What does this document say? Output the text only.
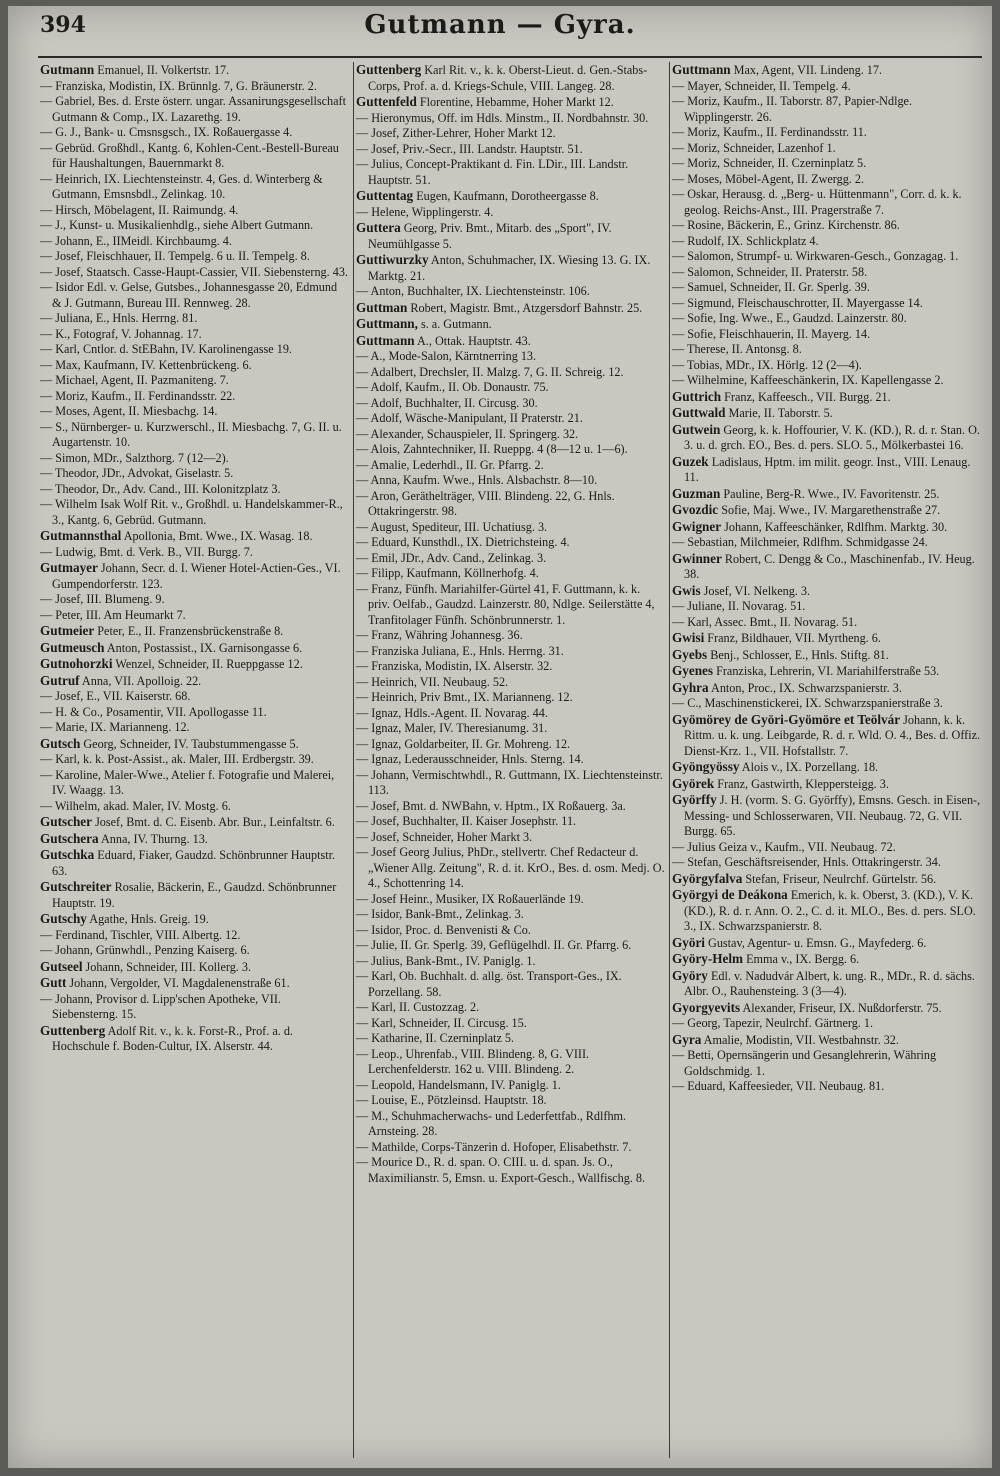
394	Gutmann — Gyra.

Gutmann Emanuel, II. Volkertstr. 17.

— Franziska, Modistin, IX. Brünnlg. 7, G. Bräunerstr. 2.

— Gabriel, Bes. d. Erste österr. ungar. Assanirungsgesellschaft Gutmann & Comp., IX. Lazarethg. 19.

— G. J., Bank- u. Cmsnsgsch., IX. Roßauergasse 4.

— Gebrüd. Großhdl., Kantg. 6, Kohlen-Cent.-Bestell-Bureau für Haushaltungen, Bauernmarkt 8.

— Heinrich, IX. Liechtensteinstr. 4, Ges. d. Winterberg & Gutmann, Emsnsbdl., Zelinkag. 10.

— Hirsch, Möbelagent, II. Raimundg. 4.

— J., Kunst- u. Musikalienhdlg., siehe Albert Gutmann.

— Johann, E., IIMeidl. Kirchbaumg. 4.

— Josef, Fleischhauer, II. Tempelg. 6 u. II. Tempelg. 8.

— Josef, Staatsch. Casse-Haupt-Cassier, VII. Siebensterng. 43.

— Isidor Edl. v. Gelse, Gutsbes., Johannesgasse 20, Edmund & J. Gutmann, Bureau III. Rennweg. 28.

— Juliana, E., Hnls. Herrng. 81.

— K., Fotograf, V. Johannag. 17.

— Karl, Cntlor. d. StEBahn, IV. Karolinengasse 19.

— Max, Kaufmann, IV. Kettenbrückeng. 6.

— Michael, Agent, II. Pazmaniteng. 7.

— Moriz, Kaufm., II. Ferdinandsstr. 22.

— Moses, Agent, II. Miesbachg. 14.

— S., Nürnberger- u. Kurzwerschl., II. Miesbachg. 7, G. II. u. Augartenstr. 10.

— Simon, MDr., Salzthorg. 7 (12—2).

— Theodor, JDr., Advokat, Giselastr. 5.

— Theodor, Dr., Adv. Cand., III. Kolonitzplatz 3.

— Wilhelm Isak Wolf Rit. v., Großhdl. u. Handelskammer-R., 3., Kantg. 6, Gebrüd. Gutmann.

Gutmannsthal Apollonia, Bmt. Wwe., IX. Wasag. 18.

— Ludwig, Bmt. d. Verk. B., VII. Burgg. 7.

Gutmayer Johann, Secr. d. I. Wiener Hotel-Actien-Ges., VI. Gumpendorferstr. 123.

— Josef, III. Blumeng. 9.

— Peter, III. Am Heumarkt 7.

Gutmeier Peter, E., II. Franzensbrückenstraße 8.

Gutmeusch Anton, Postassist., IX. Garnisongasse 6.

Gutnohorzki Wenzel, Schneider, II. Rueppgasse 12.

Gutruf Anna, VII. Apolloig. 22.

— Josef, E., VII. Kaiserstr. 68.

— H. & Co., Posamentir, VII. Apollogasse 11.

— Marie, IX. Marianneng. 12.

Gutsch Georg, Schneider, IV. Taubstummengasse 5.

— Karl, k. k. Post-Assist., ak. Maler, III. Erdbergstr. 39.

— Karoline, Maler-Wwe., Atelier f. Fotografie und Malerei, IV. Waagg. 13.

— Wilhelm, akad. Maler, IV. Mostg. 6.

Gutscher Josef, Bmt. d. C. Eisenb. Abr. Bur., Leinfaltstr. 6.

Gutschera Anna, IV. Thurng. 13.

Gutschka Eduard, Fiaker, Gaudzd. Schönbrunner Hauptstr. 63.

Gutschreiter Rosalie, Bäckerin, E., Gaudzd. Schönbrunner Hauptstr. 19.

Gutschy Agathe, Hnls. Greig. 19.

— Ferdinand, Tischler, VIII. Albertg. 12.

— Johann, Grünwhdl., Penzing Kaiserg. 6.

Gutseel Johann, Schneider, III. Kollerg. 3.

Gutt Johann, Vergolder, VI. Magdalenenstraße 61.

— Johann, Provisor d. Lipp'schen Apotheke, VII. Siebensterng. 15.

Guttenberg Adolf Rit. v., k. k. Forst-R., Prof. a. d. Hochschule f. Boden-Cultur, IX. Alserstr. 44.

Guttenberg Karl Rit. v., k. k. Oberst-Lieut. d. Gen.-Stabs-Corps, Prof. a. d. Kriegs-Schule, VIII. Langeg. 28.

Guttenfeld Florentine, Hebamme, Hoher Markt 12.

— Hieronymus, Off. im Hdls. Minstm., II. Nordbahnstr. 30.

— Josef, Zither-Lehrer, Hoher Markt 12.

— Josef, Priv.-Secr., III. Landstr. Hauptstr. 51.

— Julius, Concept-Praktikant d. Fin. LDir., III. Landstr. Hauptstr. 51.

Guttentag Eugen, Kaufmann, Dorotheergasse 8.

— Helene, Wipplingerstr. 4.

Guttera Georg, Priv. Bmt., Mitarb. des „Sport", IV. Neumühlgasse 5.

Guttiwurzky Anton, Schuhmacher, IX. Wiesing 13. G. IX. Marktg. 21.

— Anton, Buchhalter, IX. Liechtensteinstr. 106.

Guttman Robert, Magistr. Bmt., Atzgersdorf Bahnstr. 25.

Guttmann, s. a. Gutmann.

Guttmann A., Ottak. Hauptstr. 43.

— A., Mode-Salon, Kärntnerring 13.

— Adalbert, Drechsler, II. Malzg. 7, G. II. Schreig. 12.

— Adolf, Kaufm., II. Ob. Donaustr. 75.

— Adolf, Buchhalter, II. Circusg. 30.

— Adolf, Wäsche-Manipulant, II Praterstr. 21.

— Alexander, Schauspieler, II. Springerg. 32.

— Alois, Zahntechniker, II. Rueppg. 4 (8—12 u. 1—6).

— Amalie, Lederhdl., II. Gr. Pfarrg. 2.

— Anna, Kaufm. Wwe., Hnls. Alsbachstr. 8—10.

— Aron, Geräthelträger, VIII. Blindeng. 22, G. Hnls. Ottakringerstr. 98.

— August, Spediteur, III. Uchatiusg. 3.

— Eduard, Kunsthdl., IX. Dietrichsteing. 4.

— Emil, JDr., Adv. Cand., Zelinkag. 3.

— Filipp, Kaufmann, Köllnerhofg. 4.

— Franz, Fünfh. Mariahilfer-Gürtel 41, F. Guttmann, k. k. priv. Oelfab., Gaudzd. Lainzerstr. 80, Ndlge. Seilerstätte 4, Tranfitolager Fünfh. Schönbrunnerstr. 1.

— Franz, Währing Johannesg. 36.

— Franziska Juliana, E., Hnls. Herrng. 31.

— Franziska, Modistin, IX. Alserstr. 32.

— Heinrich, VII. Neubaug. 52.

— Heinrich, Priv Bmt., IX. Marianneng. 12.

— Ignaz, Hdls.-Agent. II. Novarag. 44.

— Ignaz, Maler, IV. Theresianumg. 31.

— Ignaz, Goldarbeiter, II. Gr. Mohreng. 12.

— Ignaz, Lederausschneider, Hnls. Sterng. 14.

— Johann, Vermischtwhdl., R. Guttmann, IX. Liechtensteinstr. 113.

— Josef, Bmt. d. NWBahn, v. Hptm., IX Roßauerg. 3a.

— Josef, Buchhalter, II. Kaiser Josephstr. 11.

— Josef, Schneider, Hoher Markt 3.

— Josef Georg Julius, PhDr., stellvertr. Chef Redacteur d. „Wiener Allg. Zeitung", R. d. it. KrO., Bes. d. osm. Medj. O. 4., Schottenring 14.

— Josef Heinr., Musiker, IX Roßauerlände 19.

— Isidor, Bank-Bmt., Zelinkag. 3.

— Isidor, Proc. d. Benvenisti & Co.

— Julie, II. Gr. Sperlg. 39, Geflügelhdl. II. Gr. Pfarrg. 6.

— Julius, Bank-Bmt., IV. Paniglg. 1.

— Karl, Ob. Buchhalt. d. allg. öst. Transport-Ges., IX. Porzellang. 58.

— Karl, II. Custozzag. 2.

— Karl, Schneider, II. Circusg. 15.

— Katharine, II. Czerninplatz 5.

— Leop., Uhrenfab., VIII. Blindeng. 8, G. VIII. Lerchenfelderstr. 162 u. VIII. Blindeng. 2.

— Leopold, Handelsmann, IV. Paniglg. 1.

— Louise, E., Pötzleinsd. Hauptstr. 18.

— M., Schuhmacherwachs- und Lederfettfab., Rdlfhm. Arnsteing. 28.

— Mathilde, Corps-Tänzerin d. Hofoper, Elisabethstr. 7.

— Mourice D., R. d. span. O. CIII. u. d. span. Js. O., Maximilianstr. 5, Emsn. u. Export-Gesch., Wallfischg. 8.

Guttmann Max, Agent, VII. Lindeng. 17.

— Mayer, Schneider, II. Tempelg. 4.

— Moriz, Kaufm., II. Taborstr. 87, Papier-Ndlge. Wipplingerstr. 26.

— Moriz, Kaufm., II. Ferdinandsstr. 11.

— Moriz, Schneider, Lazenhof 1.

— Moriz, Schneider, II. Czerninplatz 5.

— Moses, Möbel-Agent, II. Zwergg. 2.

— Oskar, Herausg. d. „Berg- u. Hüttenmann", Corr. d. k. k. geolog. Reichs-Anst., III. Pragerstraße 7.

— Rosine, Bäckerin, E., Grinz. Kirchenstr. 86.

— Rudolf, IX. Schlickplatz 4.

— Salomon, Strumpf- u. Wirkwaren-Gesch., Gonzagag. 1.

— Salomon, Schneider, II. Praterstr. 58.

— Samuel, Schneider, II. Gr. Sperlg. 39.

— Sigmund, Fleischauschrotter, II. Mayergasse 14.

— Sofie, Ing. Wwe., E., Gaudzd. Lainzerstr. 80.

— Sofie, Fleischhauerin, II. Mayerg. 14.

— Therese, II. Antonsg. 8.

— Tobias, MDr., IX. Hörlg. 12 (2—4).

— Wilhelmine, Kaffeeschänkerin, IX. Kapellengasse 2.

Guttrich Franz, Kaffeesch., VII. Burgg. 21.

Guttwald Marie, II. Taborstr. 5.

Gutwein Georg, k. k. Hoffourier, V. K. (KD.), R. d. r. Stan. O. 3. u. d. grch. EO., Bes. d. pers. SLO. 5., Mölkerbastei 16.

Guzek Ladislaus, Hptm. im milit. geogr. Inst., VIII. Lenaug. 11.

Guzman Pauline, Berg-R. Wwe., IV. Favoritenstr. 25.

Gvozdic Sofie, Maj. Wwe., IV. Margarethenstraße 27.

Gwigner Johann, Kaffeeschänker, Rdlfhm. Marktg. 30.

— Sebastian, Milchmeier, Rdlfhm. Schmidgasse 24.

Gwinner Robert, C. Dengg & Co., Maschinenfab., IV. Heug. 38.

Gwis Josef, VI. Nelkeng. 3.

— Juliane, II. Novarag. 51.

— Karl, Assec. Bmt., II. Novarag. 51.

Gwisi Franz, Bildhauer, VII. Myrtheng. 6.

Gyebs Benj., Schlosser, E., Hnls. Stiftg. 81.

Gyenes Franziska, Lehrerin, VI. Mariahilferstraße 53.

Gyhra Anton, Proc., IX. Schwarzspanierstr. 3.

— C., Maschinenstickerei, IX. Schwarzspanierstraße 3.

Gyömörey de Györi-Gyömöre et Teölvár Johann, k. k. Rittm. u. k. ung. Leibgarde, R. d. r. Wld. O. 4., Bes. d. Offiz. Dienst-Krz. 1., VII. Hofstallstr. 7.

Gyöngyössy Alois v., IX. Porzellang. 18.

Györek Franz, Gastwirth, Kleppersteigg. 3.

Györffy J. H. (vorm. S. G. Györffy), Emsns. Gesch. in Eisen-, Messing- und Schlosserwaren, VII. Neubaug. 72, G. VII. Burgg. 65.

— Julius Geiza v., Kaufm., VII. Neubaug. 72.

— Stefan, Geschäftsreisender, Hnls. Ottakringerstr. 34.

Györgyfalva Stefan, Friseur, Neulrchf. Gürtelstr. 56.

Györgyi de Deákona Emerich, k. k. Oberst, 3. (KD.), V. K. (KD.), R. d. r. Ann. O. 2., C. d. it. MLO., Bes. d. pers. SLO. 3., IX. Schwarzspanierstr. 8.

Györi Gustav, Agentur- u. Emsn. G., Mayfederg. 6.

Györy-Helm Emma v., IX. Bergg. 6.

Györy Edl. v. Nadudvár Albert, k. ung. R., MDr., R. d. sächs. Albr. O., Rauhensteing. 3 (3—4).

Gyorgyevits Alexander, Friseur, IX. Nußdorferstr. 75.

— Georg, Tapezir, Neulrchf. Gärtnerg. 1.

Gyra Amalie, Modistin, VII. Westbahnstr. 32.

— Betti, Opernsängerin und Gesanglehrerin, Währing Goldschmidg. 1.

— Eduard, Kaffeesieder, VII. Neubaug. 81.
